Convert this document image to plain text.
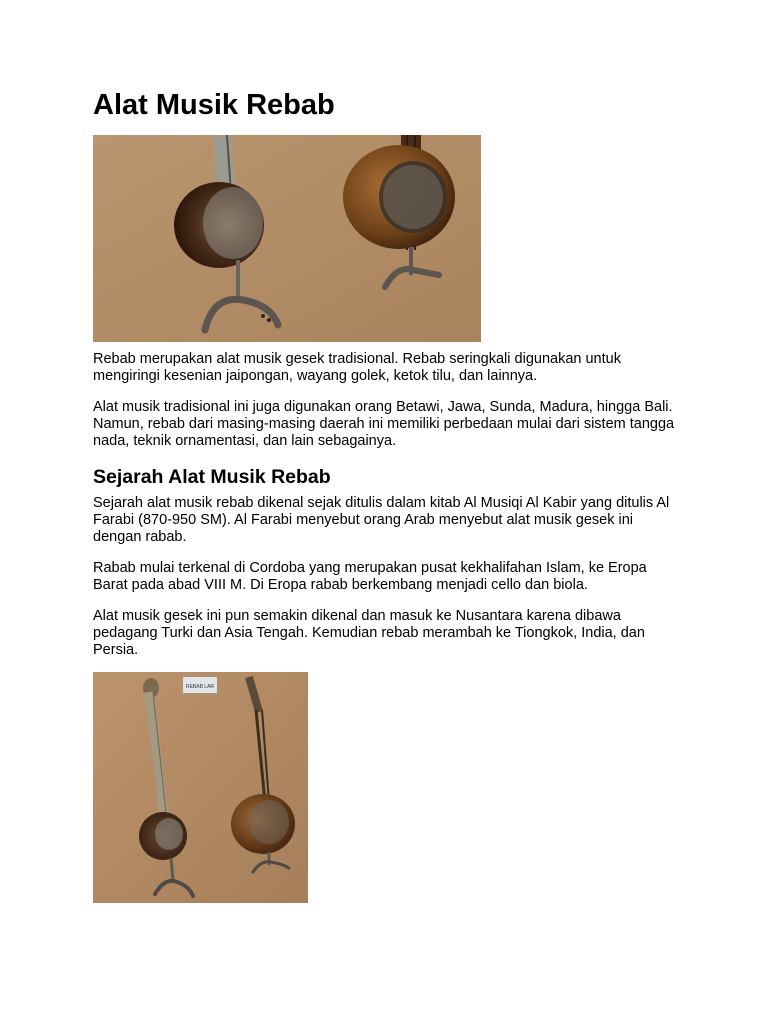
Alat Musik Rebab

Rebab merupakan alat musik gesek tradisional. Rebab seringkali digunakan untuk mengiringi kesenian jaipongan, wayang golek, ketok tilu, dan lainnya.

Alat musik tradisional ini juga digunakan orang Betawi, Jawa, Sunda, Madura, hingga Bali. Namun, rebab dari masing-masing daerah ini memiliki perbedaan mulai dari sistem tangga nada, teknik ornamentasi, dan lain sebagainya.

Sejarah Alat Musik Rebab

Sejarah alat musik rebab dikenal sejak ditulis dalam kitab Al Musiqi Al Kabir yang ditulis Al Farabi (870-950 SM). Al Farabi menyebut orang Arab menyebut alat musik gesek ini dengan rabab.

Rabab mulai terkenal di Cordoba yang merupakan pusat kekhalifahan Islam, ke Eropa Barat pada abad VIII M. Di Eropa rabab berkembang menjadi cello dan biola.

Alat musik gesek ini pun semakin dikenal dan masuk ke Nusantara karena dibawa pedagang Turki dan Asia Tengah. Kemudian rebab merambah ke Tiongkok, India, dan Persia.

REBAB LAR
